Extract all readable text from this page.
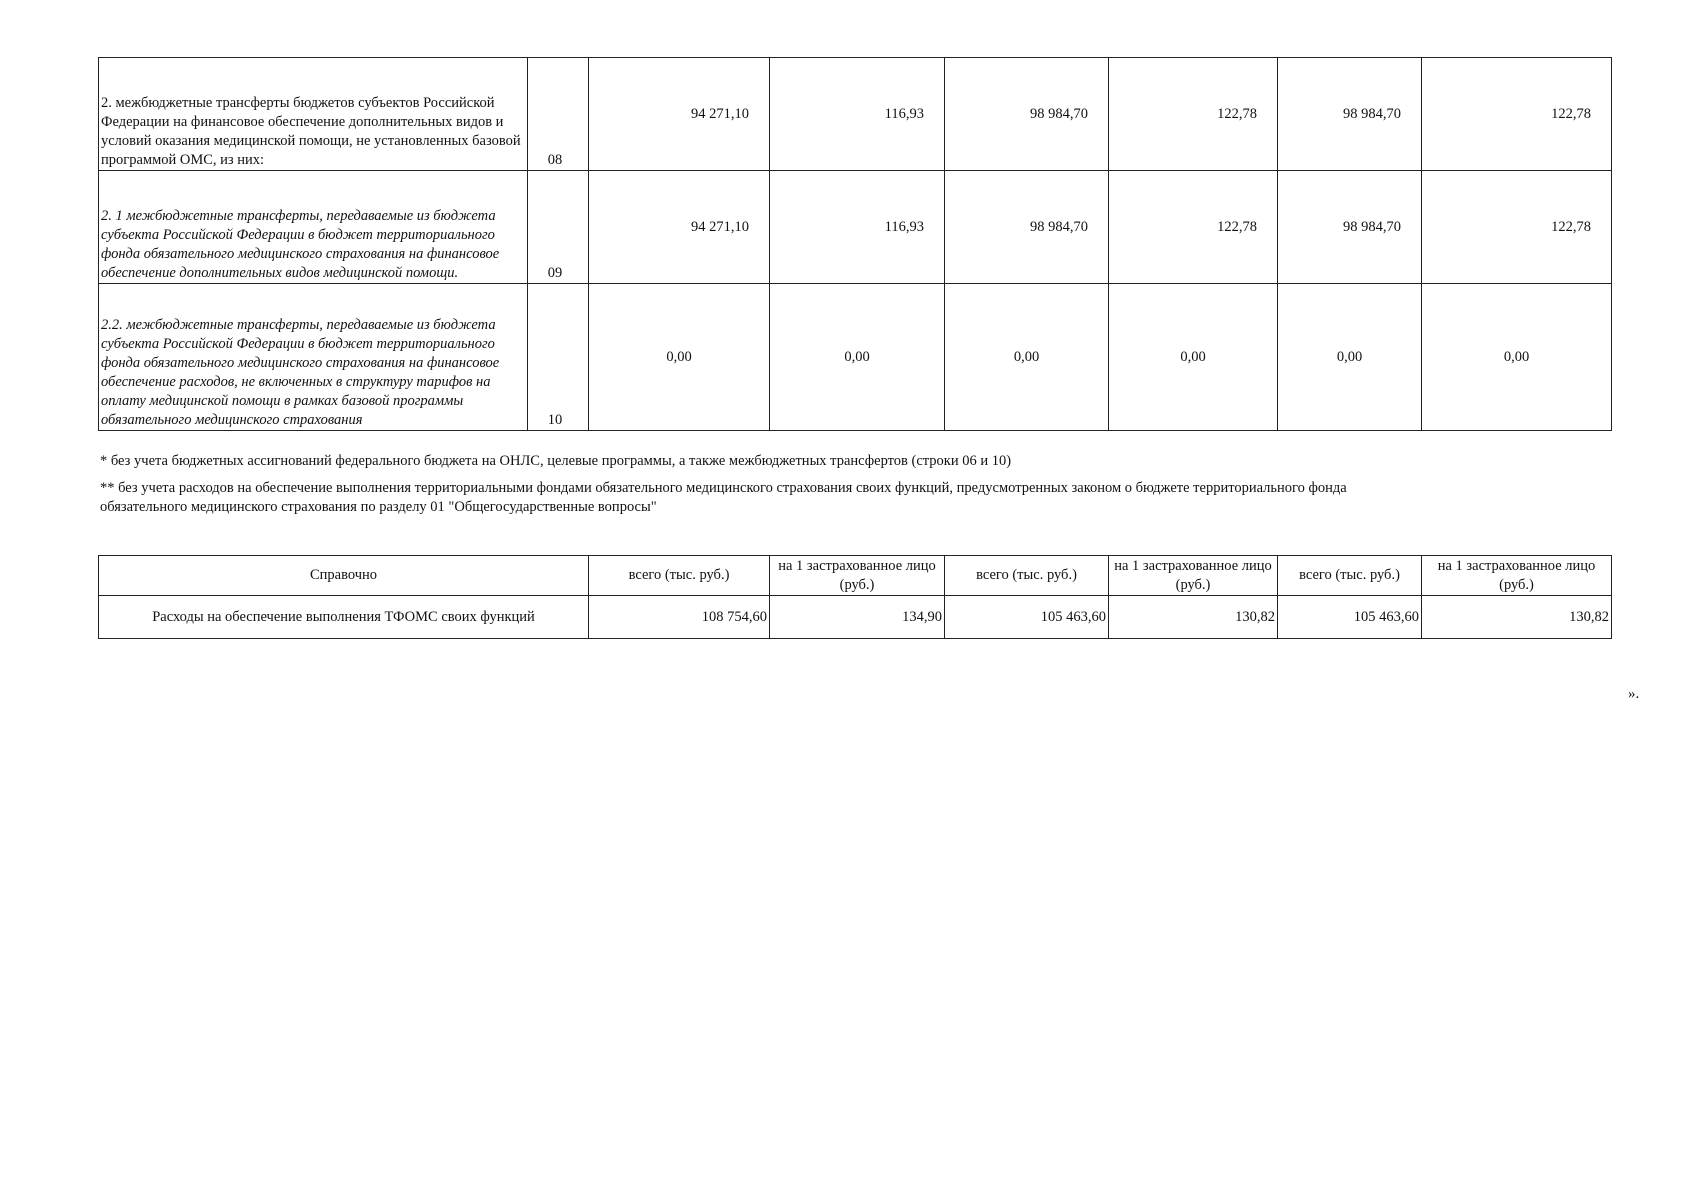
2. межбюджетные трансферты бюджетов субъектов Российской Федерации на финансовое обеспечение дополнительных видов и условий оказания медицинской помощи, не установленных базовой программой ОМС, из них:	08	94 271,10	116,93	98 984,70	122,78	98 984,70	122,78
2. 1 межбюджетные трансферты, передаваемые из бюджета субъекта Российской Федерации в бюджет территориального фонда обязательного медицинского страхования на финансовое обеспечение дополнительных видов медицинской помощи.	09	94 271,10	116,93	98 984,70	122,78	98 984,70	122,78
2.2. межбюджетные трансферты, передаваемые из бюджета субъекта Российской Федерации в бюджет территориального фонда обязательного медицинского страхования на финансовое обеспечение расходов, не включенных в структуру тарифов на оплату медицинской помощи в рамках базовой программы обязательного медицинского страхования	10	0,00	0,00	0,00	0,00	0,00	0,00

* без учета бюджетных ассигнований федерального бюджета на ОНЛС, целевые программы, а также межбюджетных трансфертов (строки 06 и 10)

** без учета расходов на обеспечение выполнения территориальными фондами обязательного медицинского страхования своих функций, предусмотренных законом о бюджете территориального фонда обязательного медицинского страхования по разделу 01 "Общегосударственные вопросы"

Справочно	всего (тыс. руб.)	на 1 застрахованное лицо (руб.)	всего (тыс. руб.)	на 1 застрахованное лицо (руб.)	всего (тыс. руб.)	на 1 застрахованное лицо (руб.)
Расходы на обеспечение выполнения ТФОМС своих функций	108 754,60	134,90	105 463,60	130,82	105 463,60	130,82
».
